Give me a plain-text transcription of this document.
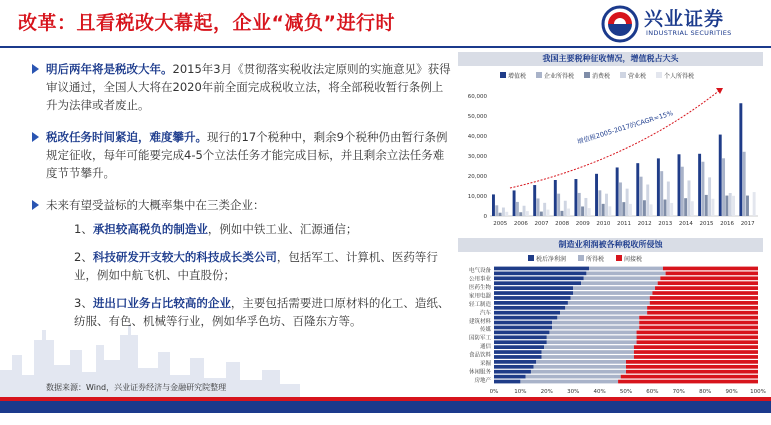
改革：且看税改大幕起，企业“减负”进行时	兴业证券
INDUSTRIAL SECURITIES
明后两年将是税改大年。2015年3月《贯彻落实税收法定原则的实施意见》获得审议通过，全国人大将在2020年前全面完成税收立法，将全部税收暂行条例上升为法律或者废止。
税改任务时间紧迫，难度攀升。现行的17个税种中，剩余9个税种仍由暂行条例规定征收，每年可能要完成4-5个立法任务才能完成目标，并且剩余立法任务难度节节攀升。
未来有望受益标的大概率集中在三类企业：
1、承担较高税负的制造业，例如中铁工业、汇源通信；
2、科技研发开支较大的科技成长类公司，包括军工、计算机、医药等行业，例如中航飞机、中直股份；
3、进出口业务占比较高的企业，主要包括需要进口原材料的化工、造纸、纺服、有色、机械等行业，例如华孚色坊、百隆东方等。
数据来源：Wind，兴业证券经济与金融研究院整理
我国主要税种征收情况，增值税占大头
增值税	企业所得税	消费税	营业税	个人所得税
60,000
50,000
40,000
30,000
20,000
10,000
0
2005 2006 2007 2008 2009 2010 2011 2012 2013 2014 2015 2016 2017
增值税2005-2017的CAGR=15%
制造业利润被各种税收所侵蚀
税后净利润	所得税	间接税
电气设备
公用事业
医药生物
家用电器
轻工制造
汽车
建筑材料
传媒
国防军工
通信
食品饮料
采掘
休闲服务
房地产
0%	10%	20%	30%	40%	50%	60%	70%	80%	90% 100%
